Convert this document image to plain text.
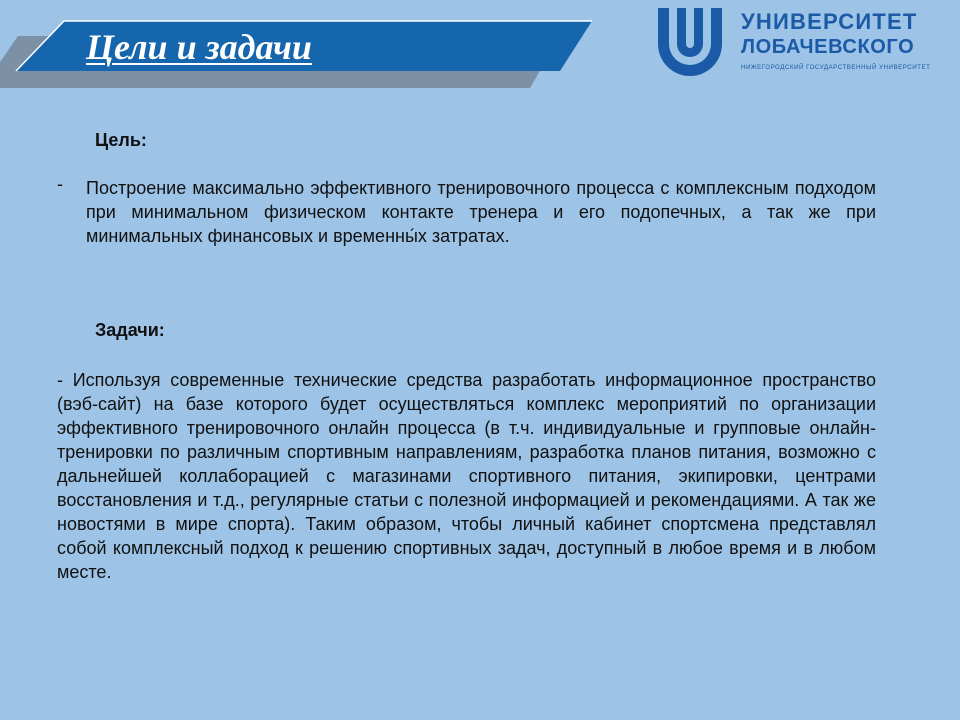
Цели и задачи
УНИВЕРСИТЕТ
ЛОБАЧЕВСКОГО
НИЖЕГОРОДСКИЙ ГОСУДАРСТВЕННЫЙ УНИВЕРСИТЕТ
Цель:
- Построение максимально эффективного тренировочного процесса с комплексным подходом при минимальном физическом контакте тренера и его подопечных, а так же при минимальных финансовых и временны́х затратах.
Задачи:
- Используя современные технические средства разработать информационное пространство (вэб-сайт) на базе которого будет осуществляться комплекс мероприятий по организации эффективного тренировочного онлайн процесса (в т.ч. индивидуальные и групповые онлайн-тренировки по различным спортивным направлениям, разработка планов питания, возможно с дальнейшей коллаборацией с магазинами спортивного питания, экипировки, центрами восстановления и т.д., регулярные статьи с полезной информацией и рекомендациями. А так же новостями в мире спорта). Таким образом, чтобы личный кабинет спортсмена представлял собой комплексный подход к решению спортивных задач, доступный в любое время и в любом месте.
